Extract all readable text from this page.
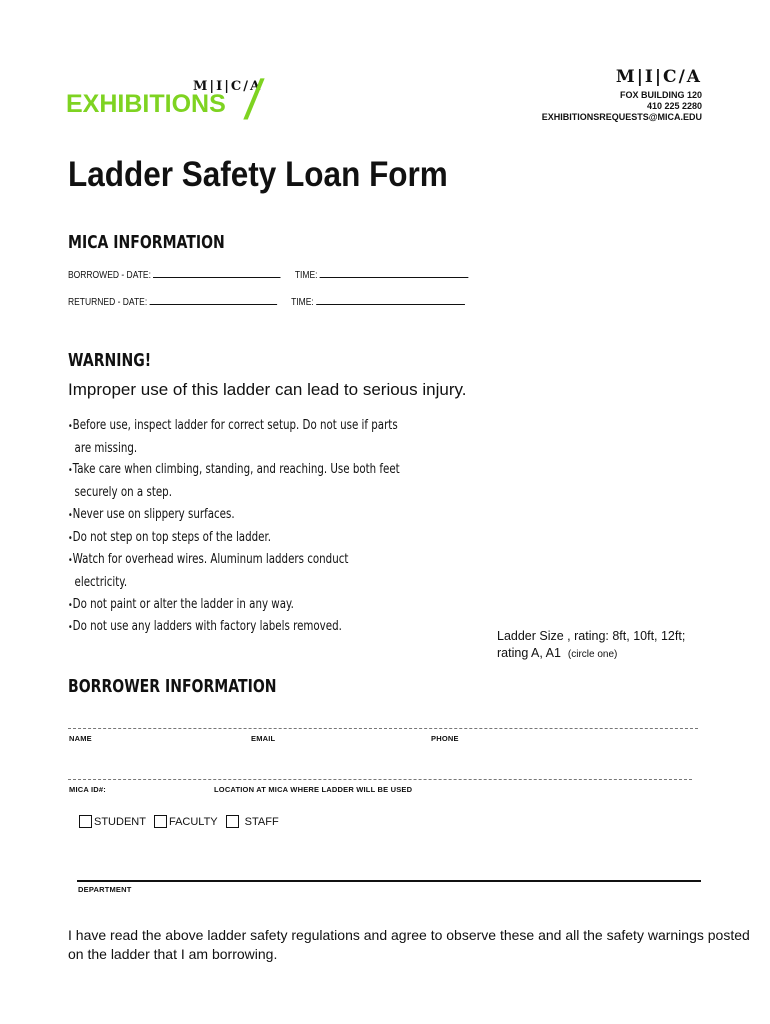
M|I|C/A
EXHIBITIONS /	M|I|C/A
FOX BUILDING 120
410 225 2280
EXHIBITIONSREQUESTS@MICA.EDU
Ladder Safety Loan Form
MICA INFORMATION
BORROWED - DATE:	TIME:
RETURNED - DATE:	TIME:
WARNING!
Improper use of this ladder can lead to serious injury.
•Before use, inspect ladder for correct setup. Do not use if parts
are missing.
•Take care when climbing, standing, and reaching. Use both feet
securely on a step.
•Never use on slippery surfaces.
•Do not step on top steps of the ladder.
•Watch for overhead wires. Aluminum ladders conduct
electricity.
•Do not paint or alter the ladder in any way.
•Do not use any ladders with factory labels removed.
Ladder Size , rating: 8ft, 10ft, 12ft;
rating A, A1 (circle one)
BORROWER INFORMATION
NAME	EMAIL	PHONE
MICA ID#:	LOCATION AT MICA WHERE LADDER WILL BE USED
STUDENT FACULTY STAFF
DEPARTMENT
I have read the above ladder safety regulations and agree to observe these and all the safety warnings posted on the ladder that I am borrowing.
